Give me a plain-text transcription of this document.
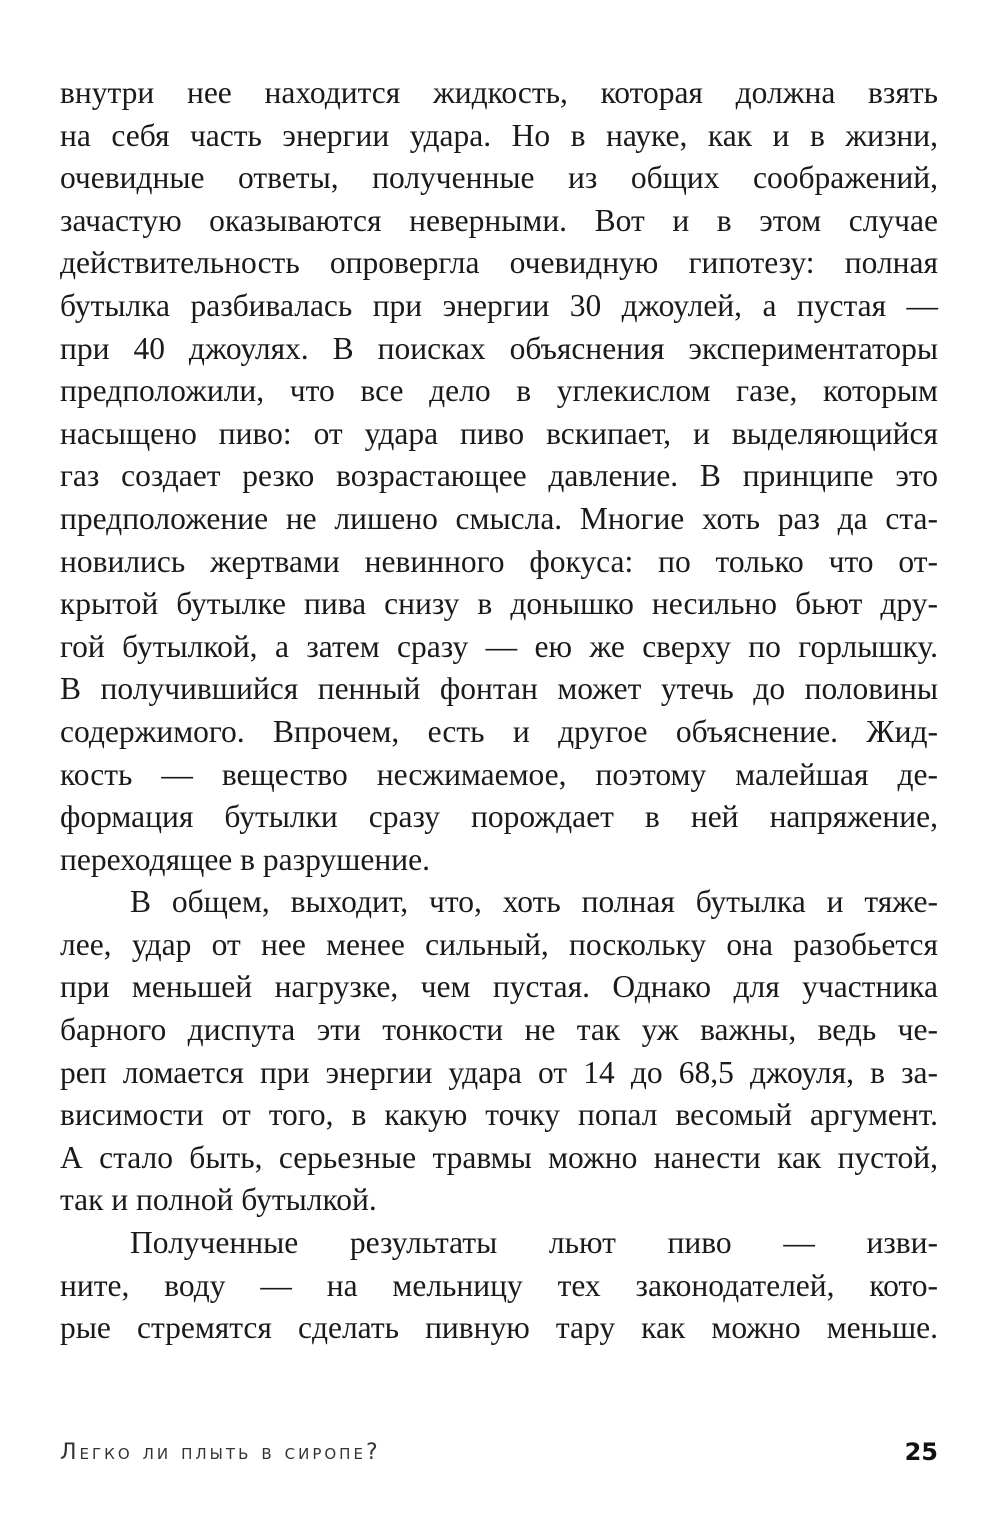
внутри нее находится жидкость, которая должна взять
на себя часть энергии удара. Но в науке, как и в жизни,
очевидные ответы, полученные из общих соображений,
зачастую оказываются неверными. Вот и в этом случае
действительность опровергла очевидную гипотезу: полная
бутылка разбивалась при энергии 30 джоулей, а пустая —
при 40 джоулях. В поисках объяснения экспериментаторы
предположили, что все дело в углекислом газе, которым
насыщено пиво: от удара пиво вскипает, и выделяющийся
газ создает резко возрастающее давление. В принципе это
предположение не лишено смысла. Многие хоть раз да ста-
новились жертвами невинного фокуса: по только что от-
крытой бутылке пива снизу в донышко несильно бьют дру-
гой бутылкой, а затем сразу — ею же сверху по горлышку.
В получившийся пенный фонтан может утечь до половины
содержимого. Впрочем, есть и другое объяснение. Жид-
кость — вещество несжимаемое, поэтому малейшая де-
формация бутылки сразу порождает в ней напряжение,
переходящее в разрушение.
В общем, выходит, что, хоть полная бутылка и тяже-
лее, удар от нее менее сильный, поскольку она разобьется
при меньшей нагрузке, чем пустая. Однако для участника
барного диспута эти тонкости не так уж важны, ведь че-
реп ломается при энергии удара от 14 до 68,5 джоуля, в за-
висимости от того, в какую точку попал весомый аргумент.
А стало быть, серьезные травмы можно нанести как пустой,
так и полной бутылкой.
Полученные результаты льют пиво — изви-
ните, воду — на мельницу тех законодателей, кото-
рые стремятся сделать пивную тару как можно меньше.
Легко ли плыть в сиропе?	25
